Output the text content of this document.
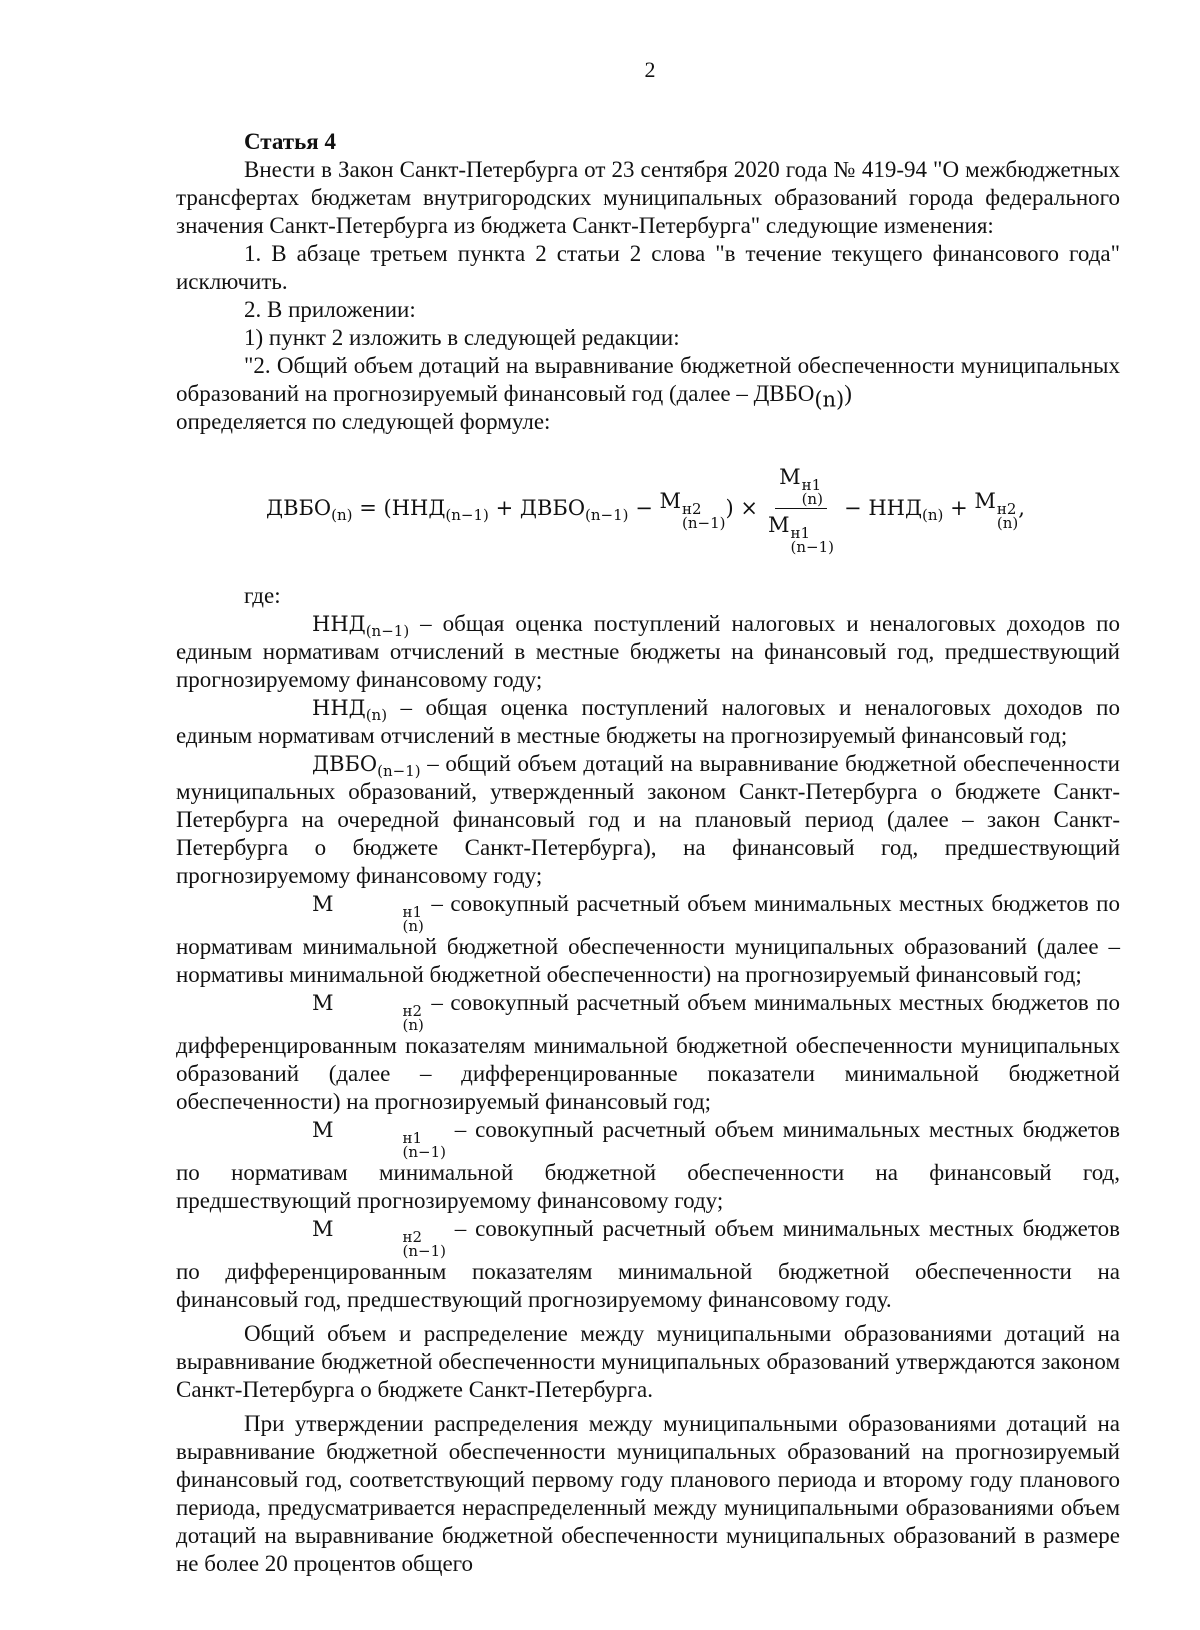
2

Статья 4

Внести в Закон Санкт-Петербурга от 23 сентября 2020 года № 419-94 "О межбюджетных трансфертах бюджетам внутригородских муниципальных образований города федерального значения Санкт-Петербурга из бюджета Санкт-Петербурга" следующие изменения:

1. В абзаце третьем пункта 2 статьи 2 слова "в течение текущего финансового года" исключить.

2. В приложении:

1) пункт 2 изложить в следующей редакции:

"2. Общий объем дотаций на выравнивание бюджетной обеспеченности муниципальных образований на прогнозируемый финансовый год (далее – $ДВБО_{(n)}$)

определяется по следующей формуле:

$ДВБО_{(n)}$
=
( $ННД_{(n-1)}$
+
$ДВБО_{(n-1)}$
−
М н2
(n−1)
)
× М н1
(n)
М н1
(n−1) −
$ННД_{(n)}$
+
М н2
(n)
,

где:

$ННД_{(n-1)}$ – общая оценка поступлений налоговых и неналоговых доходов по единым нормативам отчислений в местные бюджеты на финансовый год, предшествующий прогнозируемому финансовому году;

$ННД_{(n)}$ – общая оценка поступлений налоговых и неналоговых доходов по единым нормативам отчислений в местные бюджеты на прогнозируемый финансовый год;

$ДВБО_{(n-1)}$ – общий объем дотаций на выравнивание бюджетной обеспеченности муниципальных образований, утвержденный законом Санкт-Петербурга о бюджете Санкт-Петербурга на очередной финансовый год и на плановый период (далее – закон Санкт-Петербурга о бюджете Санкт-Петербурга), на финансовый год, предшествующий прогнозируемому финансовому году;

М	н1
(n)
– совокупный расчетный объем минимальных местных бюджетов по нормативам минимальной бюджетной обеспеченности муниципальных образований (далее – нормативы минимальной бюджетной обеспеченности) на прогнозируемый финансовый год;

М	н2
(n)
– совокупный расчетный объем минимальных местных бюджетов по дифференцированным показателям минимальной бюджетной обеспеченности муниципальных образований (далее – дифференцированные показатели минимальной бюджетной обеспеченности) на прогнозируемый финансовый год;

М	н1
(n−1)
– совокупный расчетный объем минимальных местных бюджетов по нормативам минимальной бюджетной обеспеченности на финансовый год, предшествующий прогнозируемому финансовому году;

М	н2
(n−1)
– совокупный расчетный объем минимальных местных бюджетов по дифференцированным показателям минимальной бюджетной обеспеченности на финансовый год, предшествующий прогнозируемому финансовому году.

Общий объем и распределение между муниципальными образованиями дотаций на выравнивание бюджетной обеспеченности муниципальных образований утверждаются законом Санкт-Петербурга о бюджете Санкт-Петербурга.

При утверждении распределения между муниципальными образованиями дотаций на выравнивание бюджетной обеспеченности муниципальных образований на прогнозируемый финансовый год, соответствующий первому году планового периода и второму году планового периода, предусматривается нераспределенный между муниципальными образованиями объем дотаций на выравнивание бюджетной обеспеченности муниципальных образований в размере не более 20 процентов общего
